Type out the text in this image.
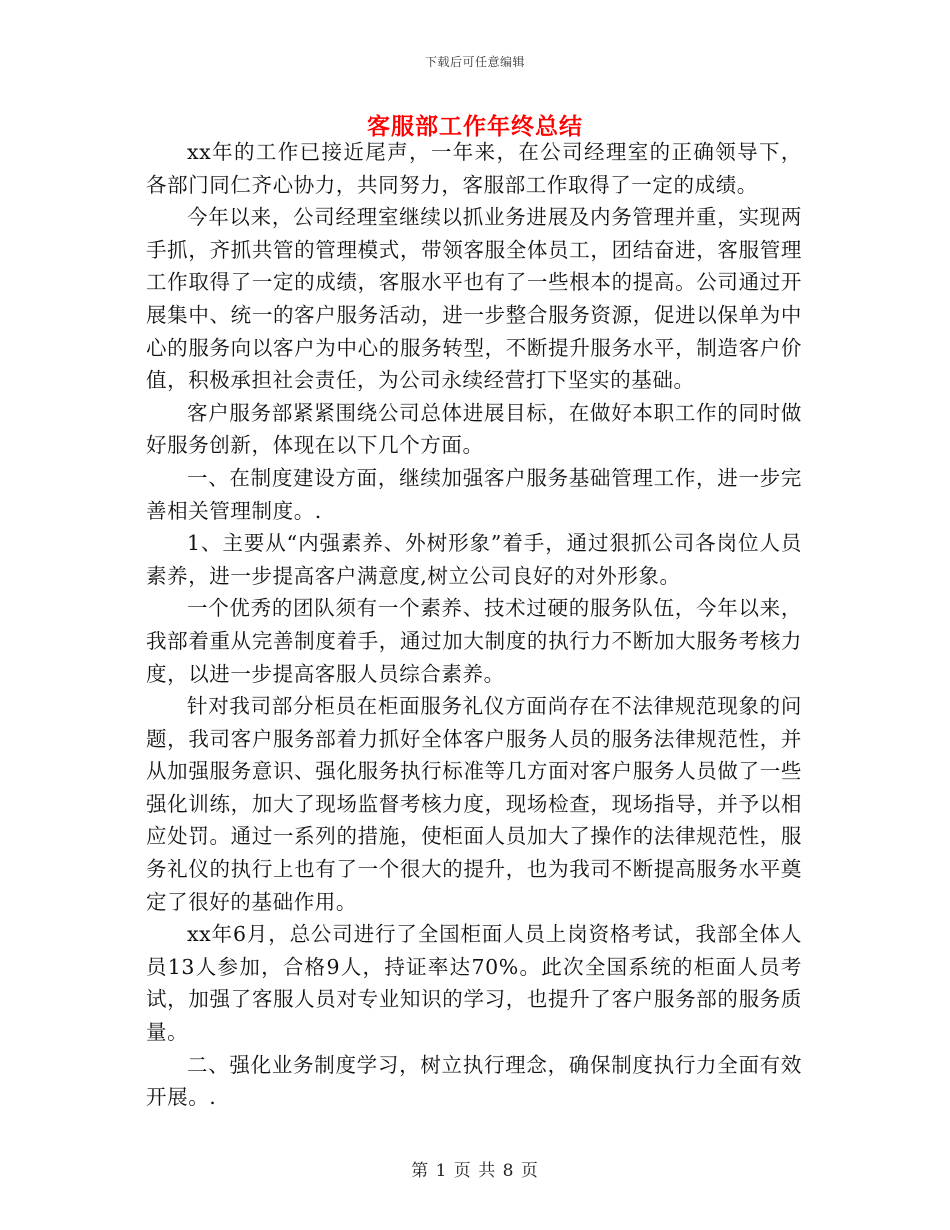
下载后可任意编辑
客服部工作年终总结

xx年的工作已接近尾声，一年来，在公司经理室的正确领导下，各部门同仁齐心协力，共同努力，客服部工作取得了一定的成绩。

今年以来，公司经理室继续以抓业务进展及内务管理并重，实现两手抓，齐抓共管的管理模式，带领客服全体员工，团结奋进，客服管理工作取得了一定的成绩，客服水平也有了一些根本的提高。公司通过开展集中、统一的客户服务活动，进一步整合服务资源，促进以保单为中心的服务向以客户为中心的服务转型，不断提升服务水平，制造客户价值，积极承担社会责任，为公司永续经营打下坚实的基础。

客户服务部紧紧围绕公司总体进展目标，在做好本职工作的同时做好服务创新，体现在以下几个方面。

一、在制度建设方面，继续加强客户服务基础管理工作，进一步完善相关管理制度。.

1、主要从“内强素养、外树形象”着手，通过狠抓公司各岗位人员素养，进一步提高客户满意度,树立公司良好的对外形象。

一个优秀的团队须有一个素养、技术过硬的服务队伍，今年以来，我部着重从完善制度着手，通过加大制度的执行力不断加大服务考核力度，以进一步提高客服人员综合素养。

针对我司部分柜员在柜面服务礼仪方面尚存在不法律规范现象的问题，我司客户服务部着力抓好全体客户服务人员的服务法律规范性，并从加强服务意识、强化服务执行标准等几方面对客户服务人员做了一些强化训练，加大了现场监督考核力度，现场检查，现场指导，并予以相应处罚。通过一系列的措施，使柜面人员加大了操作的法律规范性，服务礼仪的执行上也有了一个很大的提升，也为我司不断提高服务水平奠定了很好的基础作用。

xx年6月，总公司进行了全国柜面人员上岗资格考试，我部全体人员13人参加，合格9人，持证率达70%。此次全国系统的柜面人员考试，加强了客服人员对专业知识的学习，也提升了客户服务部的服务质量。

二、强化业务制度学习，树立执行理念，确保制度执行力全面有效开展。.

第 1 页 共 8 页
